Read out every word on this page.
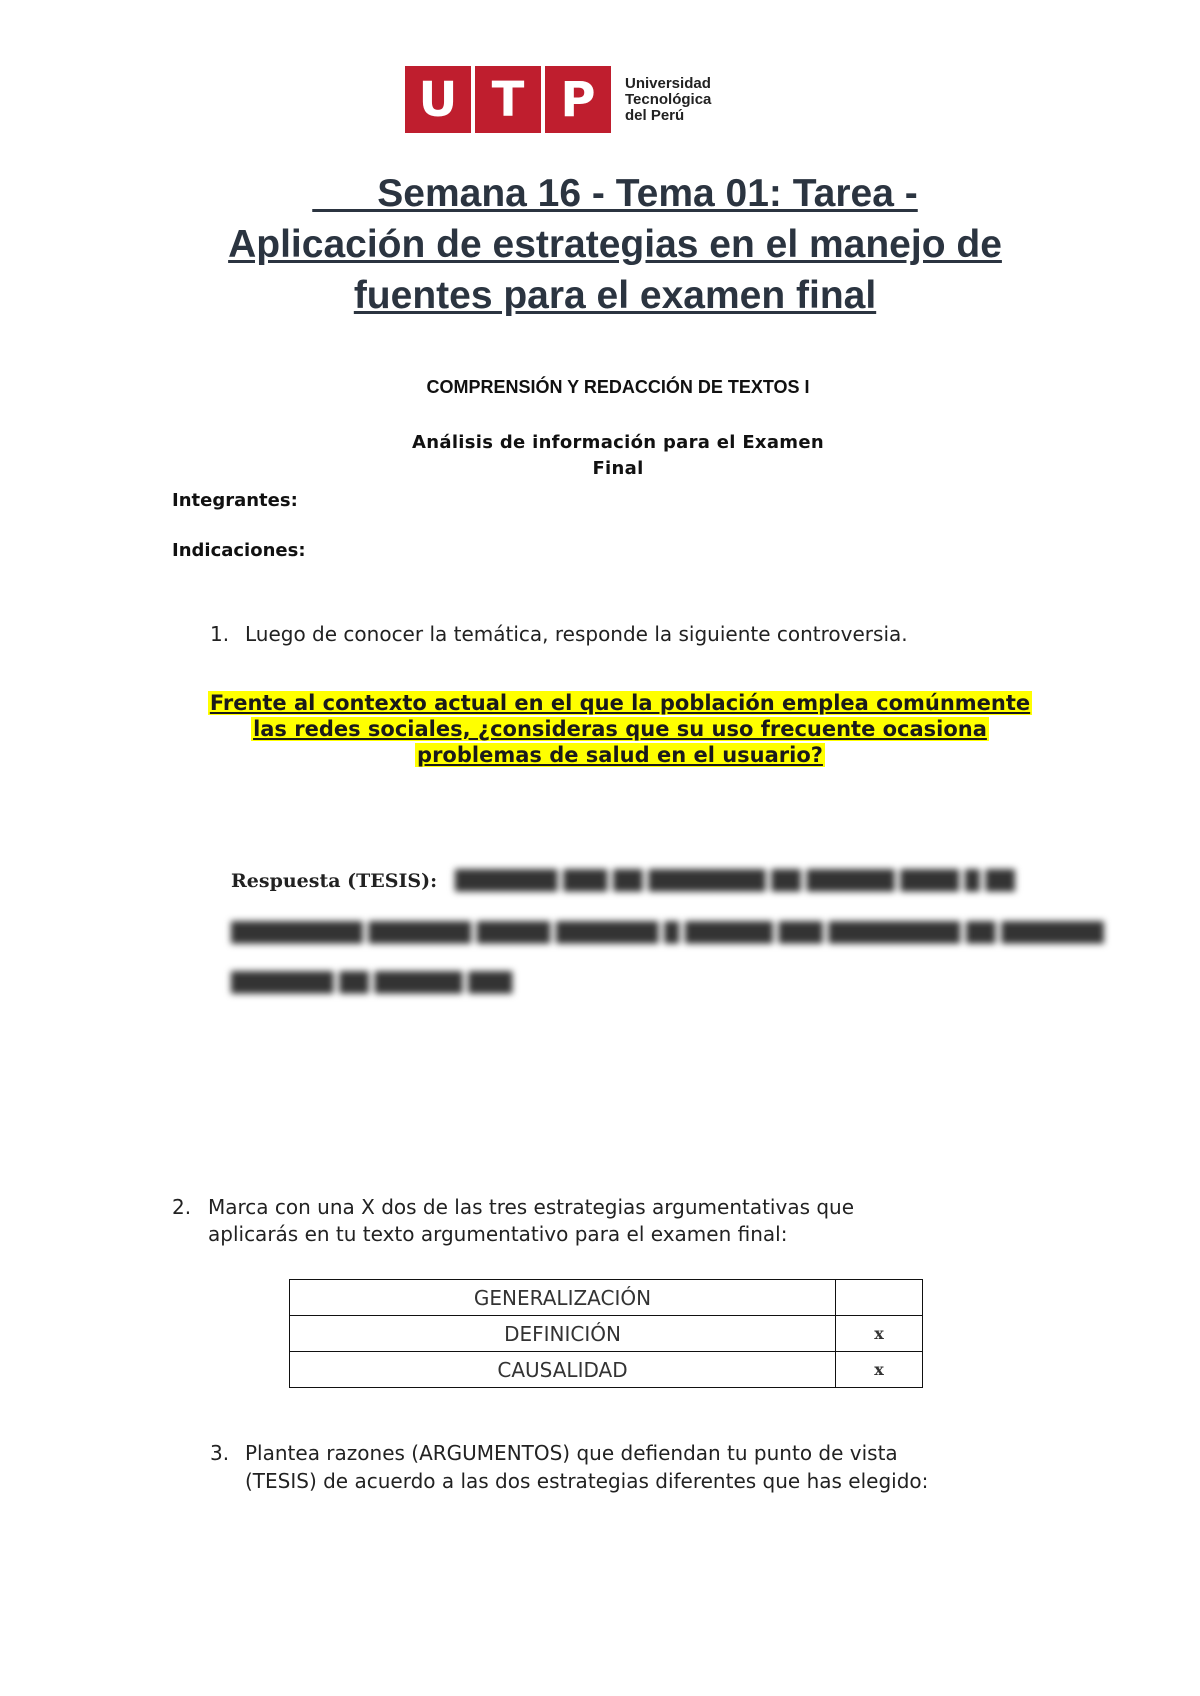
U T P	Universidad
Tecnológica
del Perú
Semana 16 - Tema 01: Tarea -
Aplicación de estrategias en el manejo de
fuentes para el examen final
COMPRENSIÓN Y REDACCIÓN DE TEXTOS I
Análisis de información para el Examen Final
Integrantes:
Indicaciones:
1. Luego de conocer la temática, responde la siguiente controversia.
Frente al contexto actual en el que la población emplea comúnmente
las redes sociales, ¿consideras que su uso frecuente ocasiona
problemas de salud en el usuario?
Respuesta (TESIS): ███████ ███ ██ ████████ ██ ██████ ████ █ ██
█████████ ███████ █████ ███████ █ ██████ ███ █████████ ██ ███████
███████ ██ ██████ ███
2. Marca con una X dos de las tres estrategias argumentativas que
aplicarás en tu texto argumentativo para el examen final:
GENERALIZACIÓN	
DEFINICIÓN	x
CAUSALIDAD	x
3. Plantea razones (ARGUMENTOS) que defiendan tu punto de vista
(TESIS) de acuerdo a las dos estrategias diferentes que has elegido:
